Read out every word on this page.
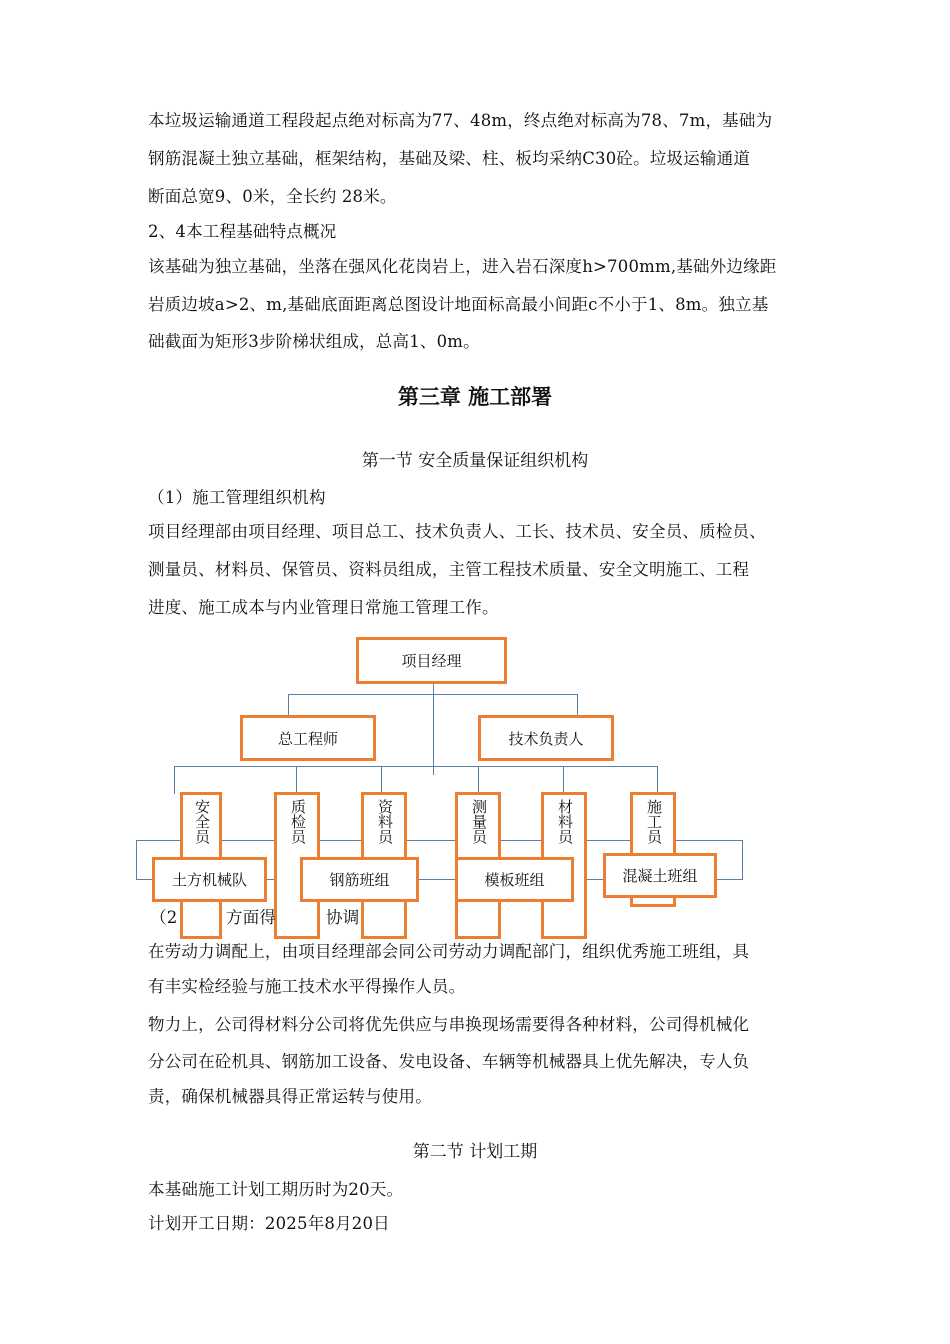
本垃圾运输通道工程段起点绝对标高为77、48m，终点绝对标高为78、7m，基础为
钢筋混凝土独立基础，框架结构，基础及梁、柱、板均采纳C30砼。垃圾运输通道
断面总宽9、0米，全长约 28米。
2、4本工程基础特点概况
该基础为独立基础，坐落在强风化花岗岩上，进入岩石深度h>700mm,基础外边缘距
岩质边坡a>2、m,基础底面距离总图设计地面标高最小间距c不小于1、8m。独立基
础截面为矩形3步阶梯状组成，总高1、0m。
第三章 施工部署
第一节 安全质量保证组织机构
（1）施工管理组织机构
项目经理部由项目经理、项目总工、技术负责人、工长、技术员、安全员、质检员、
测量员、材料员、保管员、资料员组成，主管工程技术质量、安全文明施工、工程
进度、施工成本与内业管理日常施工管理工作。
项目经理
总工程师	技术负责人
安全员	质检员	资料员	测量员	材料员	施工员
土方机械队	钢筋班组	模板班组	混凝土班组
（2	方面得	协调
在劳动力调配上，由项目经理部会同公司劳动力调配部门，组织优秀施工班组，具
有丰实检经验与施工技术水平得操作人员。
物力上，公司得材料分公司将优先供应与串换现场需要得各种材料，公司得机械化
分公司在砼机具、钢筋加工设备、发电设备、车辆等机械器具上优先解决，专人负
责，确保机械器具得正常运转与使用。
第二节 计划工期
本基础施工计划工期历时为20天。
计划开工日期：2025年8月20日
